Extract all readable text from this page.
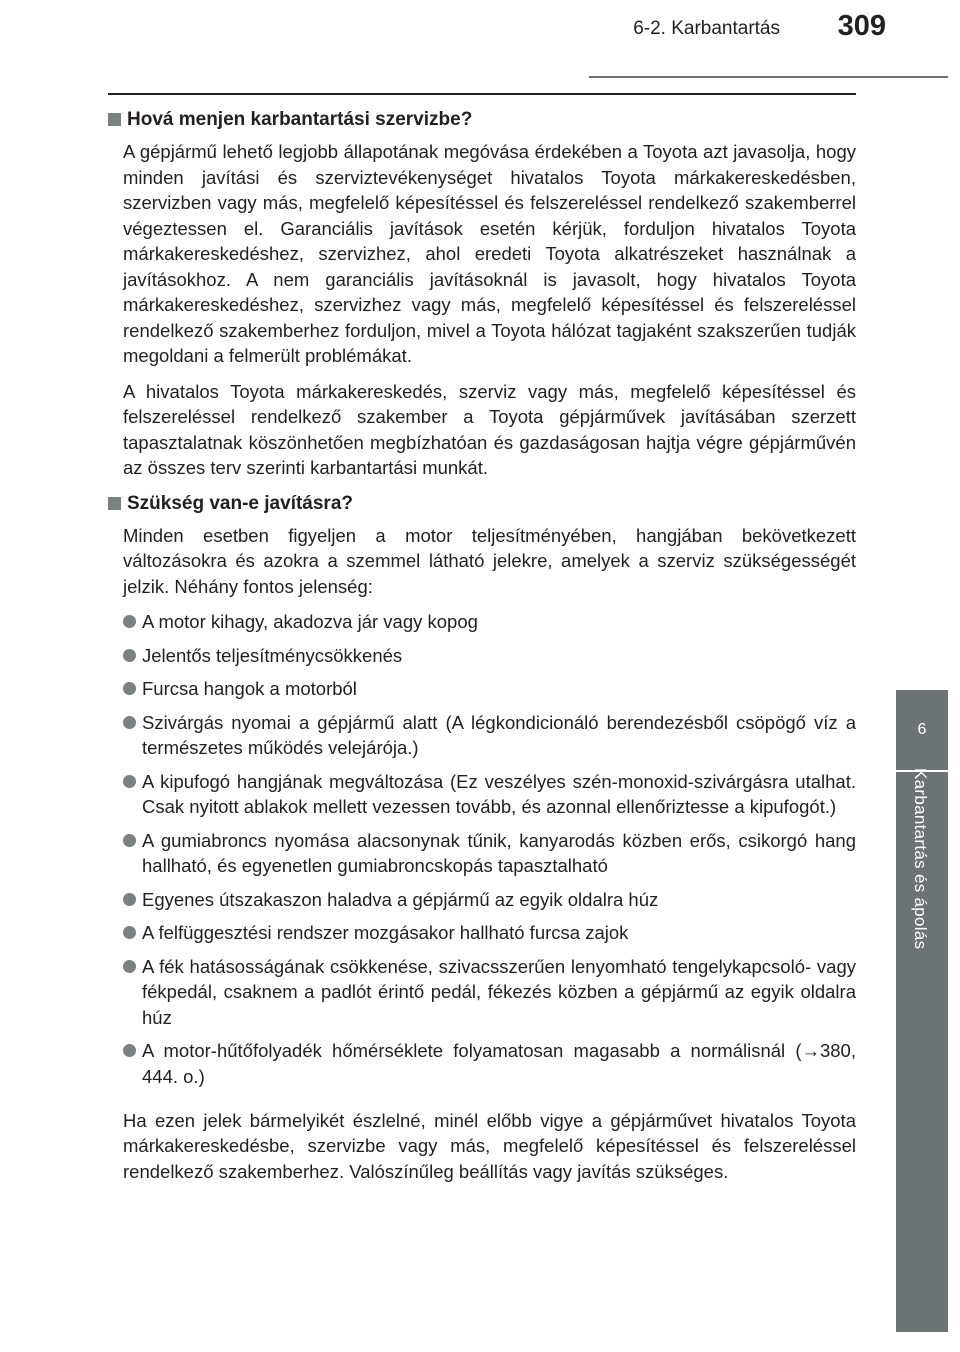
6-2. Karbantartás 309
6
Karbantartás és ápolás
Hová menjen karbantartási szervizbe?

A gépjármű lehető legjobb állapotának megóvása érdekében a Toyota azt javasolja, hogy minden javítási és szerviztevékenységet hivatalos Toyota márkakereskedésben, szervizben vagy más, megfelelő képesítéssel és felszereléssel rendelkező szakemberrel végeztessen el. Garanciális javítások esetén kérjük, forduljon hivatalos Toyota márkakereskedéshez, szervizhez, ahol eredeti Toyota alkatrészeket használnak a javításokhoz. A nem garanciális javításoknál is javasolt, hogy hivatalos Toyota márkakereskedéshez, szervizhez vagy más, megfelelő képesítéssel és felszereléssel rendelkező szakemberhez forduljon, mivel a Toyota hálózat tagjaként szakszerűen tudják megoldani a felmerült problémákat.

A hivatalos Toyota márkakereskedés, szerviz vagy más, megfelelő képesítéssel és felszereléssel rendelkező szakember a Toyota gépjárművek javításában szerzett tapasztalatnak köszönhetően megbízhatóan és gazdaságosan hajtja végre gépjárművén az összes terv szerinti karbantartási munkát.

Szükség van-e javításra?

Minden esetben figyeljen a motor teljesítményében, hangjában bekövetkezett változásokra és azokra a szemmel látható jelekre, amelyek a szerviz szükségességét jelzik. Néhány fontos jelenség:

A motor kihagy, akadozva jár vagy kopog
Jelentős teljesítménycsökkenés
Furcsa hangok a motorból
Szivárgás nyomai a gépjármű alatt (A légkondicionáló berendezésből csöpögő víz a természetes működés velejárója.)
A kipufogó hangjának megváltozása (Ez veszélyes szén-monoxid-szivárgásra utalhat. Csak nyitott ablakok mellett vezessen tovább, és azonnal ellenőriztesse a kipufogót.)
A gumiabroncs nyomása alacsonynak tűnik, kanyarodás közben erős, csikorgó hang hallható, és egyenetlen gumiabroncskopás tapasztalható
Egyenes útszakaszon haladva a gépjármű az egyik oldalra húz
A felfüggesztési rendszer mozgásakor hallható furcsa zajok
A fék hatásosságának csökkenése, szivacsszerűen lenyomható tengelykapcsoló- vagy fékpedál, csaknem a padlót érintő pedál, fékezés közben a gépjármű az egyik oldalra húz
A motor-hűtőfolyadék hőmérséklete folyamatosan magasabb a normálisnál (→380, 444. o.)

Ha ezen jelek bármelyikét észlelné, minél előbb vigye a gépjárművet hivatalos Toyota márkakereskedésbe, szervizbe vagy más, megfelelő képesítéssel és felszereléssel rendelkező szakemberhez. Valószínűleg beállítás vagy javítás szükséges.
